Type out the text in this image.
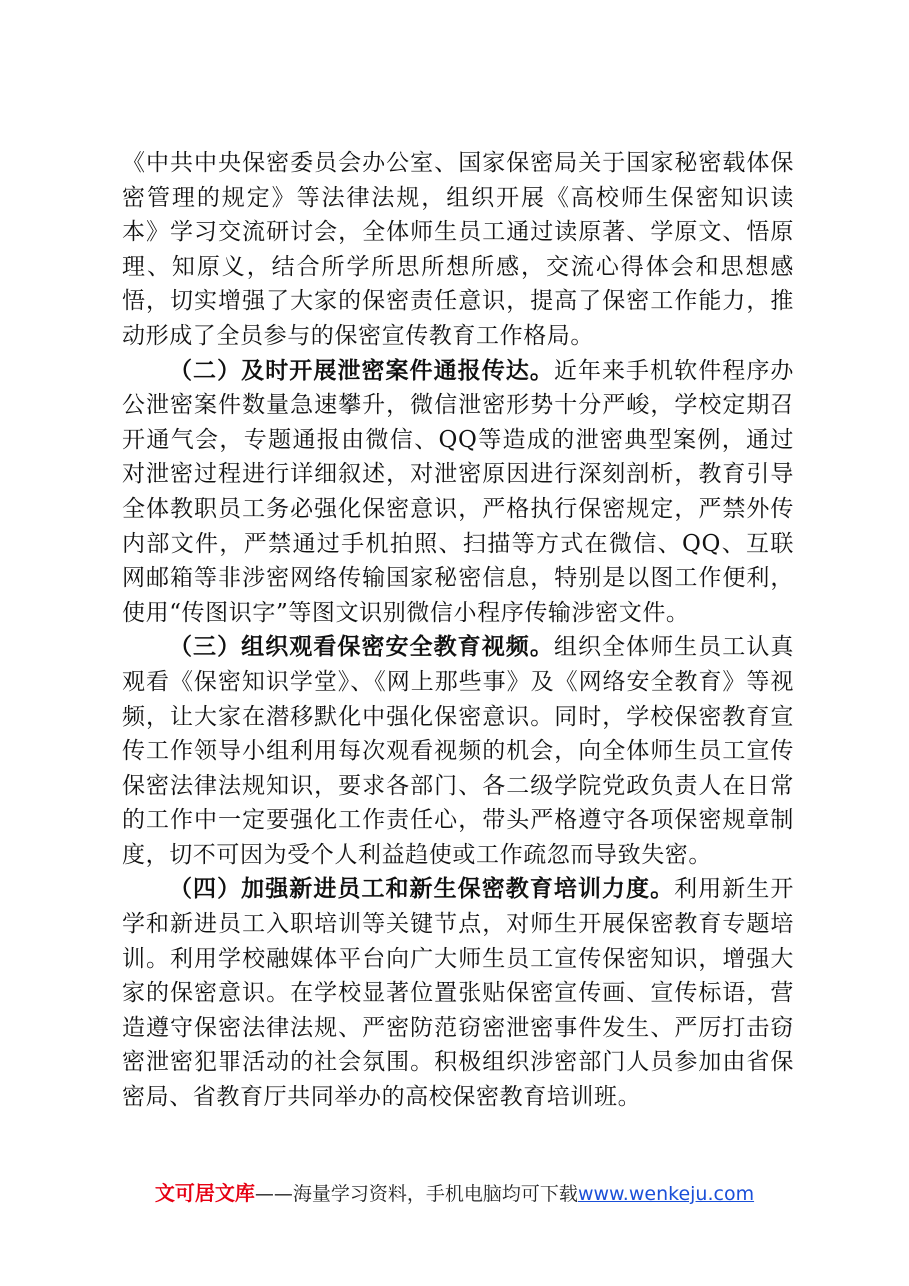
《中共中央保密委员会办公室、国家保密局关于国家秘密载体保密管理的规定》等法律法规，组织开展《高校师生保密知识读本》学习交流研讨会，全体师生员工通过读原著、学原文、悟原理、知原义，结合所学所思所想所感，交流心得体会和思想感悟，切实增强了大家的保密责任意识，提高了保密工作能力，推动形成了全员参与的保密宣传教育工作格局。

（二）及时开展泄密案件通报传达。近年来手机软件程序办公泄密案件数量急速攀升，微信泄密形势十分严峻，学校定期召开通气会，专题通报由微信、QQ等造成的泄密典型案例，通过对泄密过程进行详细叙述，对泄密原因进行深刻剖析，教育引导全体教职员工务必强化保密意识，严格执行保密规定，严禁外传内部文件，严禁通过手机拍照、扫描等方式在微信、QQ、互联网邮箱等非涉密网络传输国家秘密信息，特别是以图工作便利，使用“传图识字”等图文识别微信小程序传输涉密文件。

（三）组织观看保密安全教育视频。组织全体师生员工认真观看《保密知识学堂》、《网上那些事》及《网络安全教育》等视频，让大家在潜移默化中强化保密意识。同时，学校保密教育宣传工作领导小组利用每次观看视频的机会，向全体师生员工宣传保密法律法规知识，要求各部门、各二级学院党政负责人在日常的工作中一定要强化工作责任心，带头严格遵守各项保密规章制度，切不可因为受个人利益趋使或工作疏忽而导致失密。

（四）加强新进员工和新生保密教育培训力度。利用新生开学和新进员工入职培训等关键节点，对师生开展保密教育专题培训。利用学校融媒体平台向广大师生员工宣传保密知识，增强大家的保密意识。在学校显著位置张贴保密宣传画、宣传标语，营造遵守保密法律法规、严密防范窃密泄密事件发生、严厉打击窃密泄密犯罪活动的社会氛围。积极组织涉密部门人员参加由省保密局、省教育厅共同举办的高校保密教育培训班。

文可居文库——海量学习资料，手机电脑均可下载www.wenkeju.com
